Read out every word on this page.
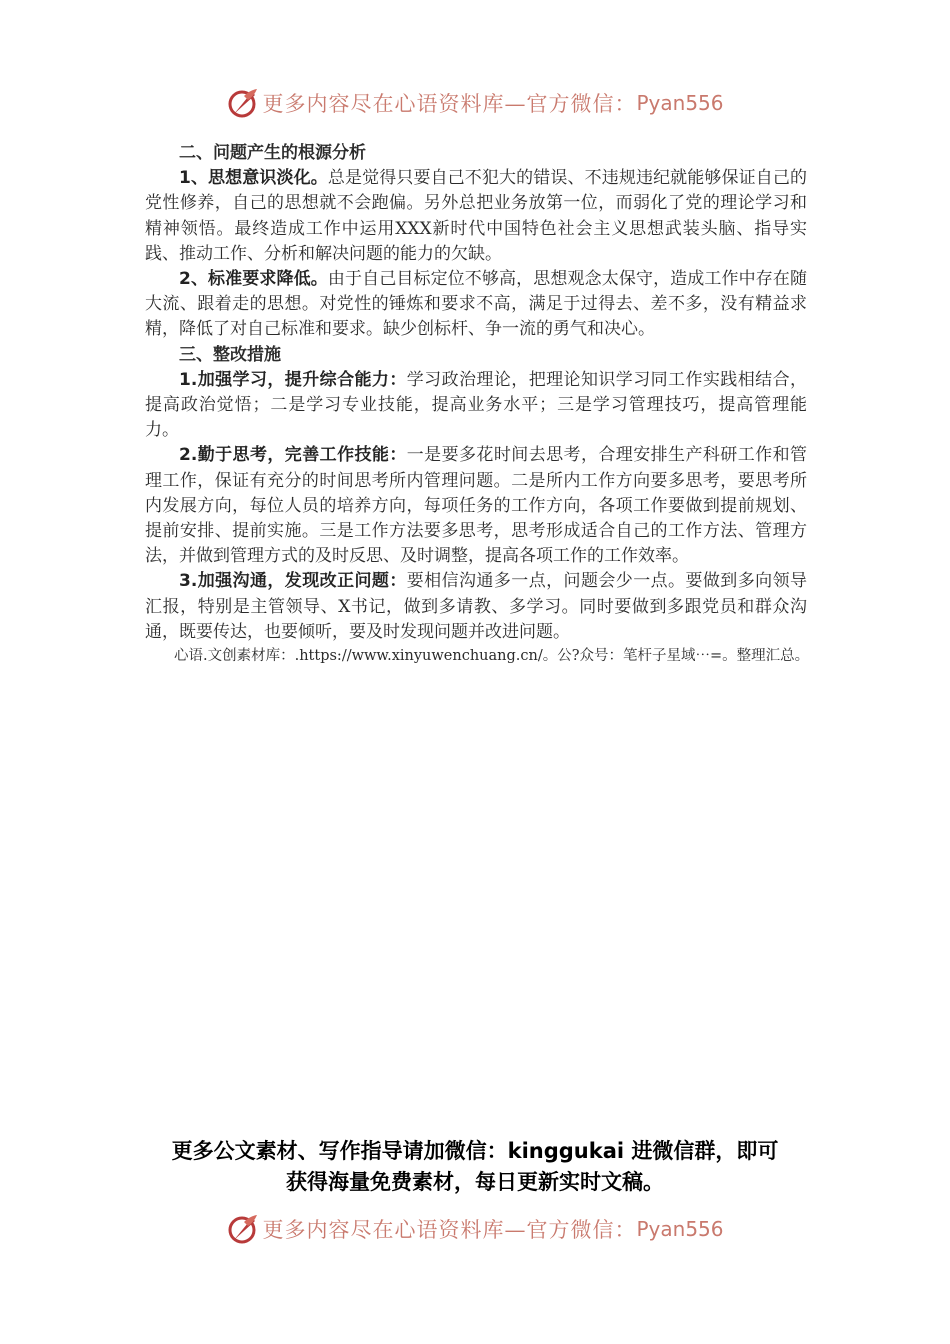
更多内容尽在心语资料库—官方微信： Pyan556
二、问题产生的根源分析

1、思想意识淡化。总是觉得只要自己不犯大的错误、不违规违纪就能够保证自己的党性修养，自己的思想就不会跑偏。另外总把业务放第一位，而弱化了党的理论学习和精神领悟。最终造成工作中运用XXX新时代中国特色社会主义思想武装头脑、指导实践、推动工作、分析和解决问题的能力的欠缺。

2、标准要求降低。由于自己目标定位不够高，思想观念太保守，造成工作中存在随大流、跟着走的思想。对党性的锤炼和要求不高，满足于过得去、差不多，没有精益求精，降低了对自己标准和要求。缺少创标杆、争一流的勇气和决心。

三、整改措施

1.加强学习，提升综合能力：学习政治理论，把理论知识学习同工作实践相结合，提高政治觉悟；二是学习专业技能，提高业务水平；三是学习管理技巧，提高管理能力。

2.勤于思考，完善工作技能：一是要多花时间去思考，合理安排生产科研工作和管理工作，保证有充分的时间思考所内管理问题。二是所内工作方向要多思考，要思考所内发展方向，每位人员的培养方向，每项任务的工作方向，各项工作要做到提前规划、提前安排、提前实施。三是工作方法要多思考，思考形成适合自己的工作方法、管理方法，并做到管理方式的及时反思、及时调整，提高各项工作的工作效率。

3.加强沟通，发现改正问题：要相信沟通多一点，问题会少一点。要做到多向领导汇报，特别是主管领导、X书记，做到多请教、多学习。同时要做到多跟党员和群众沟通，既要传达，也要倾听，要及时发现问题并改进问题。

心语.文创素材库：.https://www.xinyuwenchuang.cn/。公?众号：笔杆子星域⋯=。整理汇总。

更多公文素材、写作指导请加微信：kinggukai 进微信群，即可
获得海量免费素材，每日更新实时文稿。
更多内容尽在心语资料库—官方微信： Pyan556
